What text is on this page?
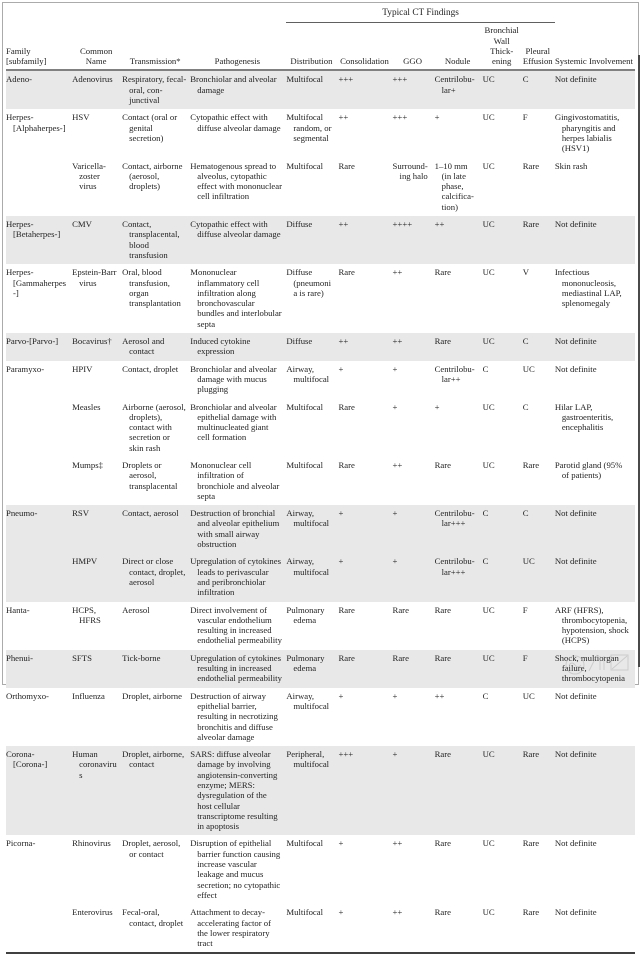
				Typical CT Findings						
Family [subfamily]	Common Name	Transmission*	Pathogenesis	Distribution	Consolidation	GGO	Nodule	Bronchial Wall Thickening	Pleural Effusion	Systemic Involvement

Adeno-	Adenovirus	Respiratory, fecal-oral, conjunctival	Bronchiolar and alveolar damage	Multifocal	+++	+++	Centrilobular+	UC	C	Not definite

Herpes-[Alphaherpes-]	HSV	Contact (oral or genital secretion)	Cytopathic effect with diffuse alveolar damage	Multifocal random, or segmental	++	+++	+	UC	F	Gingivostomatitis, pharyngitis and herpes labialis (HSV1)

	Varicella-zoster virus	Contact, airborne (aerosol, droplets)	Hematogenous spread to alveolus, cytopathic effect with mononuclear cell infiltration	Multifocal	Rare	Surrounding halo	1–10 mm (in late phase, calcification)	UC	Rare	Skin rash

Herpes-[Betaherpes-]	CMV	Contact, transplacental, blood transfusion	Cytopathic effect with diffuse alveolar damage	Diffuse	++	++++	++	UC	Rare	Not definite

Herpes- [Gammaherpes-]	Epstein-Barr virus	Oral, blood transfusion, organ transplantation	Mononuclear inflammatory cell infiltration along bronchovascular bundles and interlobular septa	Diffuse (pneumonia is rare)	Rare	++	Rare	UC	V	Infectious mononucleosis, mediastinal LAP, splenomegaly

Parvo-[Parvo-]	Bocavirus†	Aerosol and contact	Induced cytokine expression	Diffuse	++	++	Rare	UC	C	Not definite

Paramyxo-	HPIV	Contact, droplet	Bronchiolar and alveolar damage with mucus plugging	Airway, multifocal	+	+	Centrilobular++	C	UC	Not definite

	Measles	Airborne (aerosol, droplets), contact with secretion or skin rash	Bronchiolar and alveolar epithelial damage with multinucleated giant cell formation	Multifocal	Rare	+	+	UC	C	Hilar LAP, gastroenteritis, encephalitis

	Mumps‡	Droplets or aerosol, transplacental	Mononuclear cell infiltration of bronchiole and alveolar septa	Multifocal	Rare	++	Rare	UC	Rare	Parotid gland (95% of patients)

Pneumo-	RSV	Contact, aerosol	Destruction of bronchial and alveolar epithelium with small airway obstruction	Airway, multifocal	+	+	Centrilobular+++	C	C	Not definite

	HMPV	Direct or close contact, droplet, aerosol	Upregulation of cytokines leads to perivascular and peribronchiolar infiltration	Airway, multifocal	+	+	Centrilobular+++	C	UC	Not definite

Hanta-	HCPS, HFRS	Aerosol	Direct involvement of vascular endothelium resulting in increased endothelial permeability	Pulmonary edema	Rare	Rare	Rare	UC	F	ARF (HFRS), thrombocytopenia, hypotension, shock (HCPS)

Phenui-	SFTS	Tick-borne	Upregulation of cytokines resulting in increased endothelial permeability	Pulmonary edema	Rare	Rare	Rare	UC	F	Shock, multiorgan failure, thrombocytopenia

Orthomyxo-	Influenza	Droplet, airborne	Destruction of airway epithelial barrier, resulting in necrotizing bronchitis and diffuse alveolar damage	Airway, multifocal	+	+	++	C	UC	Not definite

Corona-[Corona-]	Human coronavirus	Droplet, airborne, contact	SARS: diffuse alveolar damage by involving angiotensin-converting enzyme; MERS: dysregulation of the host cellular transcriptome resulting in apoptosis	Peripheral, multifocal	+++	+	Rare	UC	Rare	Not definite

Picorna-	Rhinovirus	Droplet, aerosol, or contact	Disruption of epithelial barrier function causing increase vascular leakage and mucus secretion; no cytopathic effect	Multifocal	+	++	Rare	UC	Rare	Not definite

	Enterovirus	Fecal-oral, contact, droplet	Attachment to decay-accelerating factor of the lower respiratory tract	Multifocal	+	++	Rare	UC	Rare	Not definite
